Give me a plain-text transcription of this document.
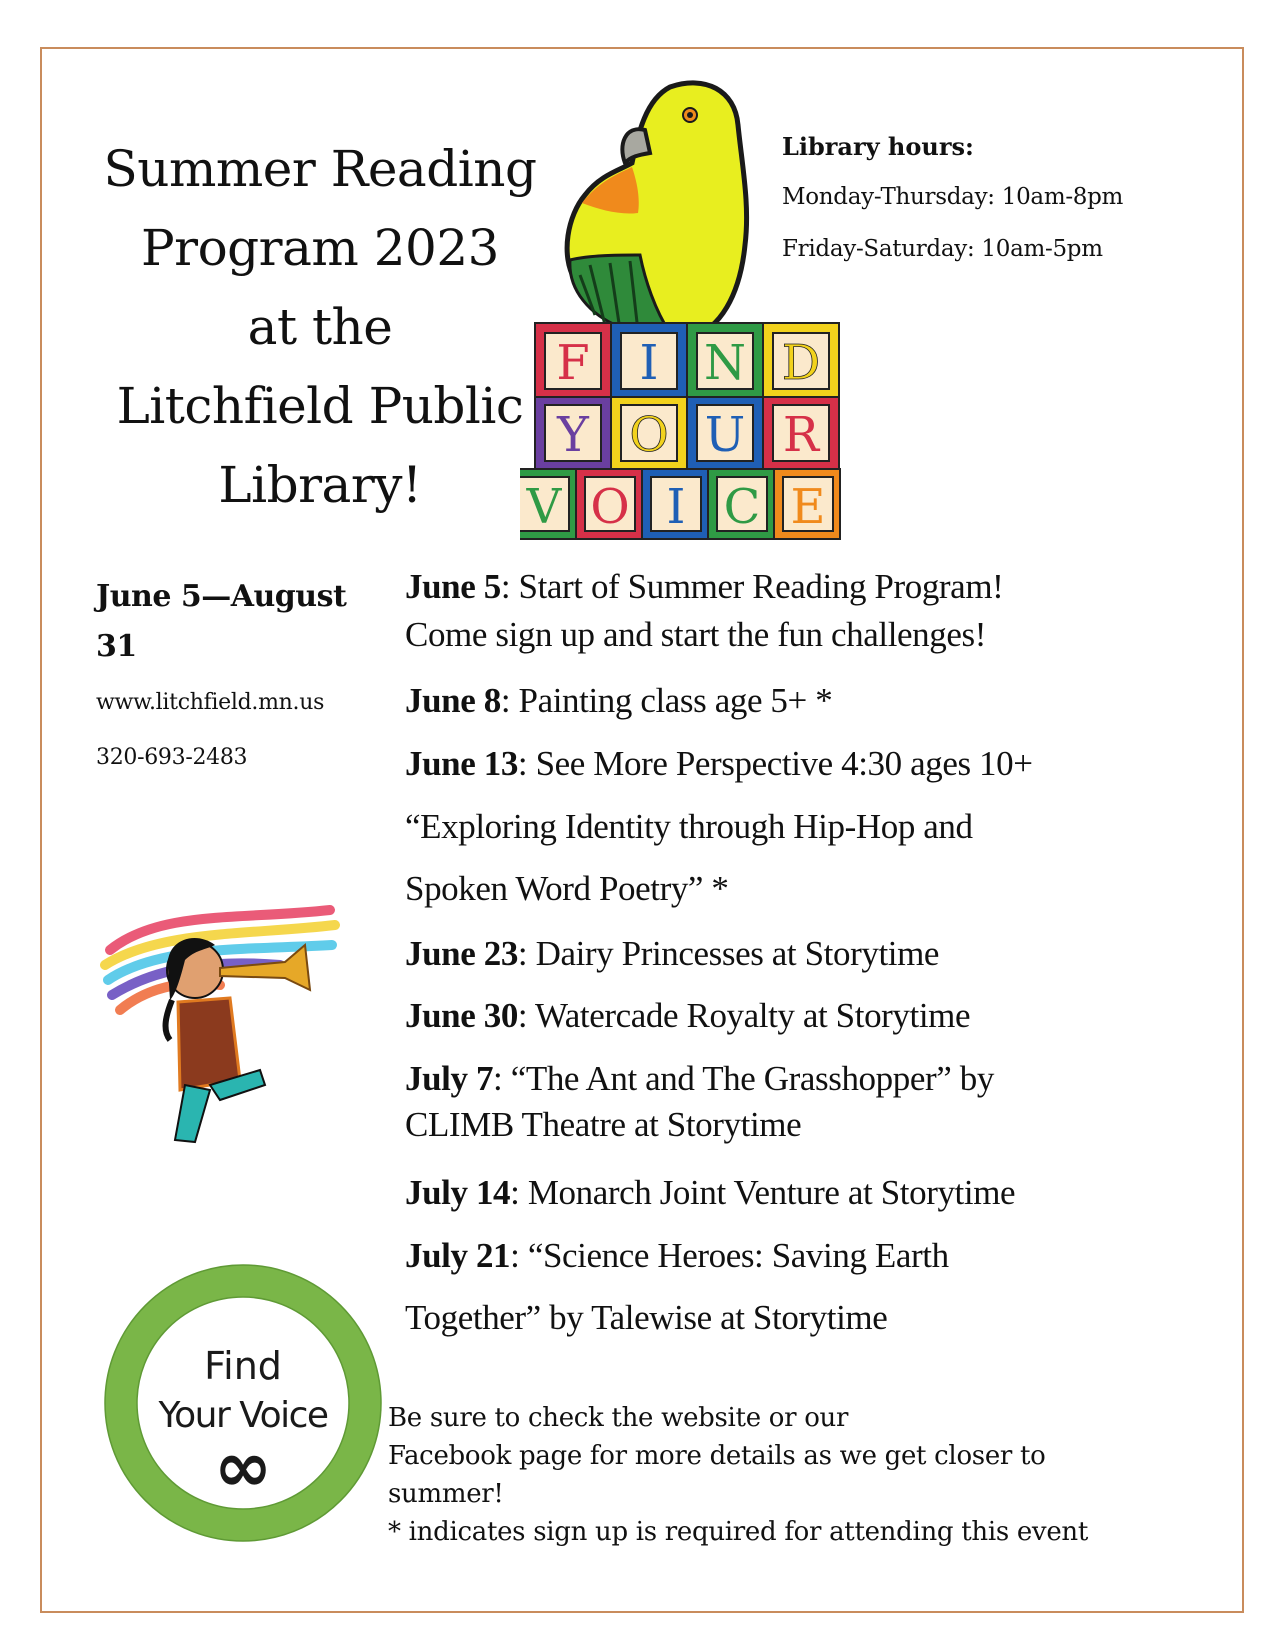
Summer Reading
Program 2023
at the
Litchfield Public
Library!
F I N D
Y O U R
V O I C E
Library hours:
Monday-Thursday: 10am-8pm
Friday-Saturday: 10am-5pm
June 5—August
31
www.litchfield.mn.us
320-693-2483
Find
Your Voice
∞
June 5: Start of Summer Reading Program!
Come sign up and start the fun challenges!
June 8: Painting class age 5+ *
June 13: See More Perspective 4:30 ages 10+
“Exploring Identity through Hip-Hop and
Spoken Word Poetry” *
June 23: Dairy Princesses at Storytime
June 30: Watercade Royalty at Storytime
July 7: “The Ant and The Grasshopper” by
CLIMB Theatre at Storytime
July 14: Monarch Joint Venture at Storytime
July 21: “Science Heroes: Saving Earth
Together” by Talewise at Storytime
Be sure to check the website or our
Facebook page for more details as we get closer to
summer!
* indicates sign up is required for attending this event
